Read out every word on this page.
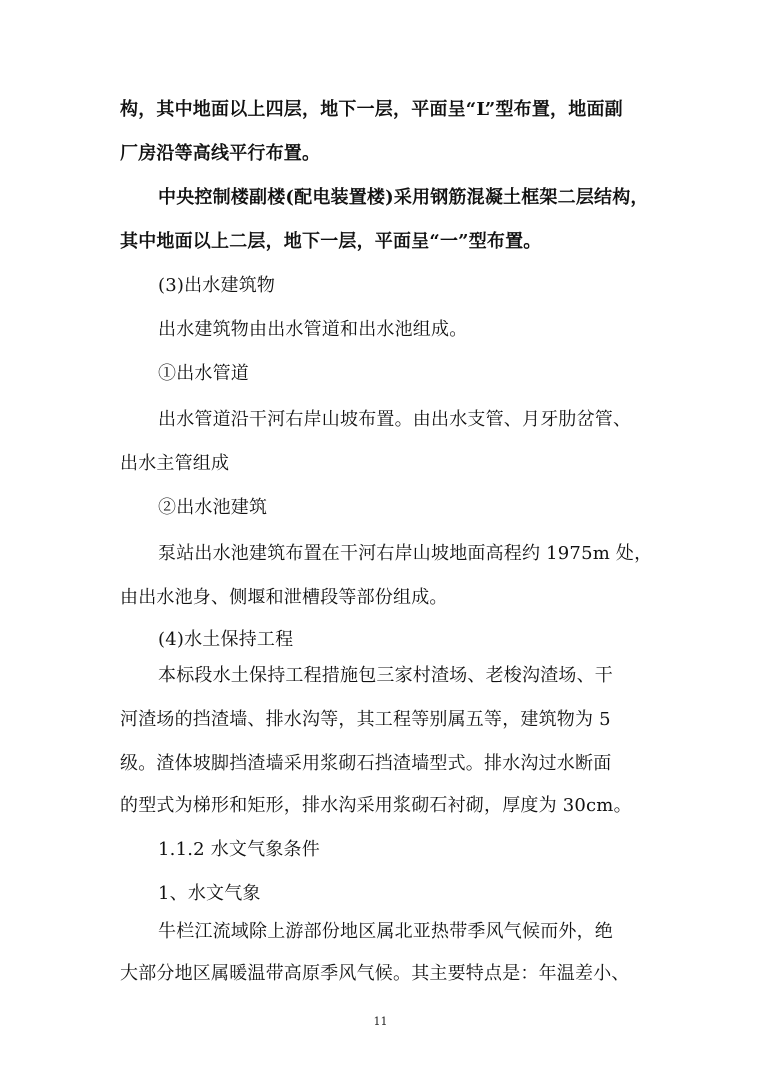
构，其中地面以上四层，地下一层，平面呈“L”型布置，地面副
厂房沿等高线平行布置。
中央控制楼副楼(配电装置楼)采用钢筋混凝土框架二层结构，
其中地面以上二层，地下一层，平面呈“一”型布置。
(3)出水建筑物
出水建筑物由出水管道和出水池组成。
①出水管道
出水管道沿干河右岸山坡布置。由出水支管、月牙肋岔管、
出水主管组成
②出水池建筑
泵站出水池建筑布置在干河右岸山坡地面高程约 1975m 处，
由出水池身、侧堰和泄槽段等部份组成。
(4)水土保持工程
本标段水土保持工程措施包三家村渣场、老梭沟渣场、干
河渣场的挡渣墙、排水沟等，其工程等别属五等，建筑物为 5
级。渣体坡脚挡渣墙采用浆砌石挡渣墙型式。排水沟过水断面
的型式为梯形和矩形，排水沟采用浆砌石衬砌，厚度为 30cm。
1.1.2 水文气象条件
1、水文气象
牛栏江流域除上游部份地区属北亚热带季风气候而外，绝
大部分地区属暖温带高原季风气候。其主要特点是：年温差小、
11
